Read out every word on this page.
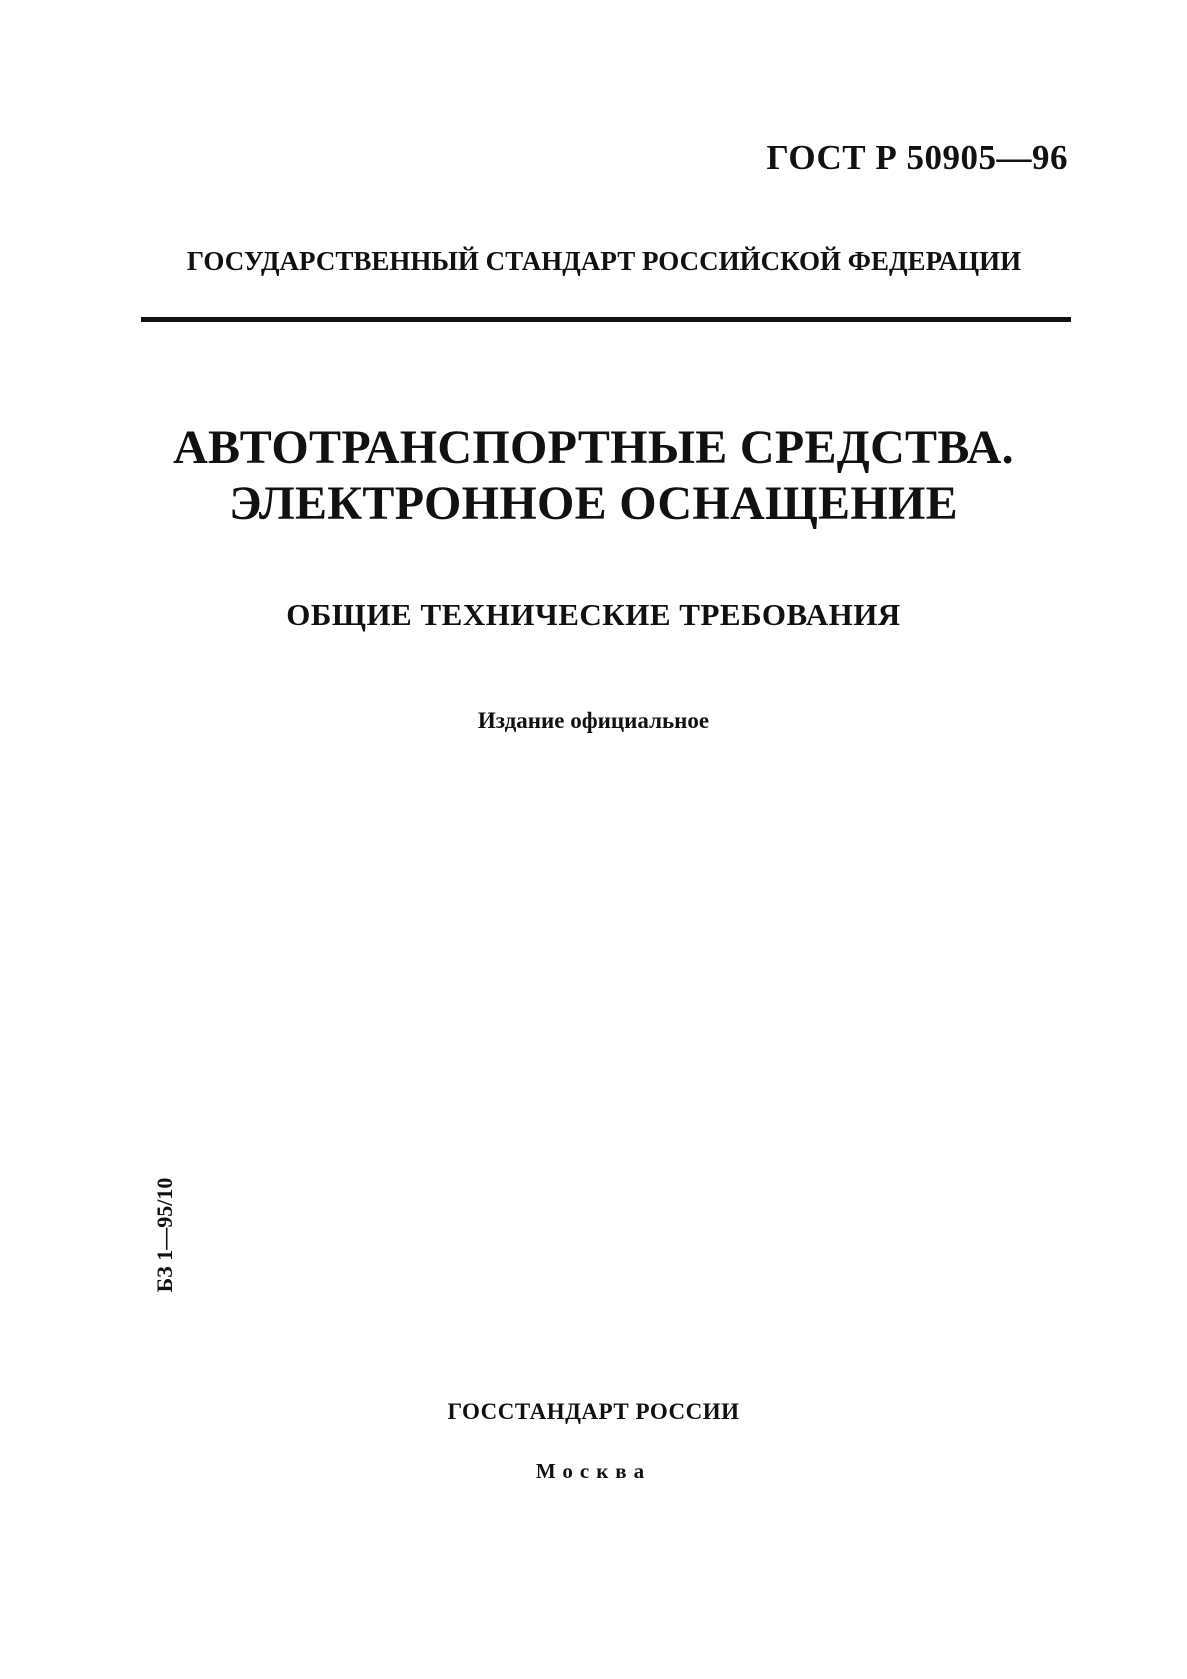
ГОСТ Р 50905—96
ГОСУДАРСТВЕННЫЙ СТАНДАРТ РОССИЙСКОЙ ФЕДЕРАЦИИ
АВТОТРАНСПОРТНЫЕ СРЕДСТВА.
ЭЛЕКТРОННОЕ ОСНАЩЕНИЕ
ОБЩИЕ ТЕХНИЧЕСКИЕ ТРЕБОВАНИЯ
Издание официальное
БЗ 1—95/10
ГОССТАНДАРТ РОССИИ
Москва
